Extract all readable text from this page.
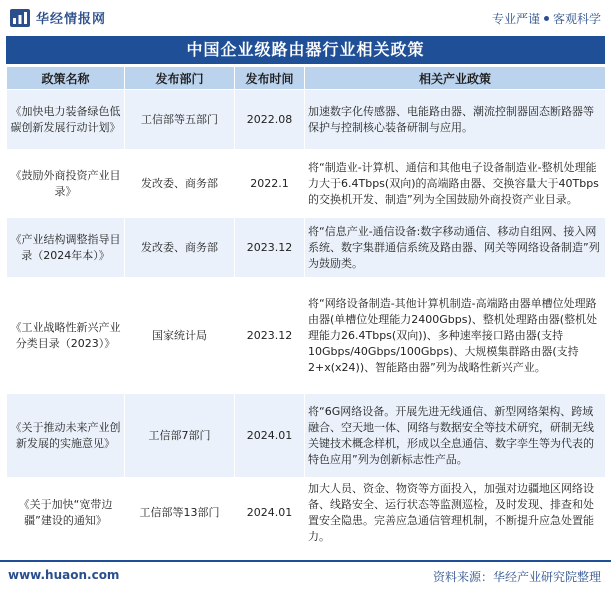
华经情报网	专业严谨 客观科学
中国企业级路由器行业相关政策
政策名称	发布部门	发布时间	相关产业政策
《加快电力装备绿色低碳创新发展行动计划》	工信部等五部门	2022.08	加速数字化传感器、电能路由器、潮流控制器固态断路器等保护与控制核心装备研制与应用。
《鼓励外商投资产业目录》	发改委、商务部	2022.1	将“制造业-计算机、通信和其他电子设备制造业-整机处理能力大于6.4Tbps(双向)的高端路由器、交换容量大于40Tbps的交换机开发、制造”列为全国鼓励外商投资产业目录。
《产业结构调整指导目录（2024年本）》	发改委、商务部	2023.12	将“信息产业-通信设备:数字移动通信、移动自组网、接入网系统、数字集群通信系统及路由器、网关等网络设备制造”列为鼓励类。
《工业战略性新兴产业分类目录（2023）》	国家统计局	2023.12	将“网络设备制造-其他计算机制造-高端路由器单槽位处理路由器(单槽位处理能力2400Gbps)、整机处理路由器(整机处理能力26.4Tbps(双向))、多种速率接口路由器(支持10Gbps/40Gbps/100Gbps)、大规模集群路由器(支持2+x(x24))、智能路由器”列为战略性新兴产业。
《关于推动未来产业创新发展的实施意见》	工信部7部门	2024.01	将“6G网络设备。开展先进无线通信、新型网络架构、跨域融合、空天地一体、网络与数据安全等技术研究，研制无线关键技术概念样机，形成以全息通信、数字孪生等为代表的特色应用”列为创新标志性产品。
《关于加快“宽带边疆”建设的通知》	工信部等13部门	2024.01	加大人员、资金、物资等方面投入，加强对边疆地区网络设备、线路安全、运行状态等监测巡检，及时发现、排查和处置安全隐患。完善应急通信管理机制，不断提升应急处置能力。
www.huaon.com	资料来源：华经产业研究院整理
